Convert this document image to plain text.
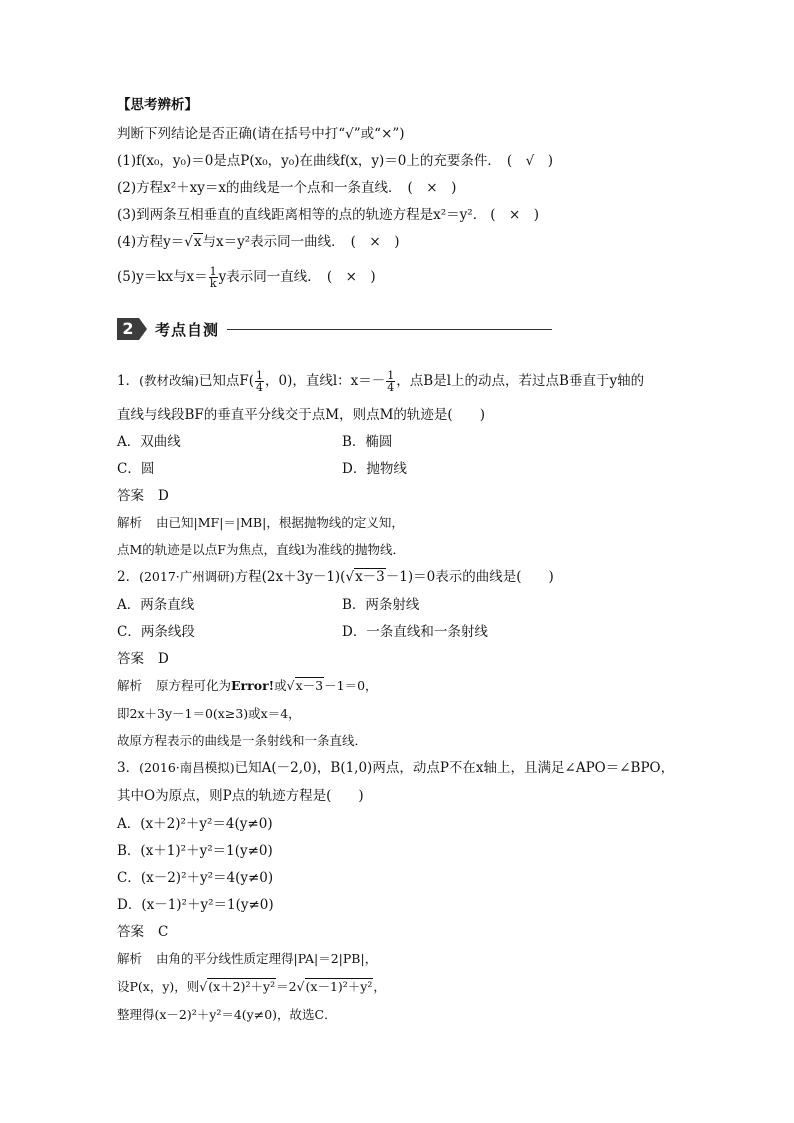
【思考辨析】
判断下列结论是否正确(请在括号中打“√”或“×”)
(1)f(x₀，y₀)＝0是点P(x₀，y₀)在曲线f(x，y)＝0上的充要条件． (　√　)
(2)方程x²＋xy＝x的曲线是一个点和一条直线． (　×　)
(3)到两条互相垂直的直线距离相等的点的轨迹方程是x²＝y²． (　×　)
(4)方程y＝√x与x＝y²表示同一曲线． (　×　)
(5)y＝kx与$x= \frac{1}{k}$ y表示同一直线． (　×　)
2	考点自测
1．(教材改编)已知点$F( \frac{1}{4}$ ，0)，直线l：$x=- \frac{1}{4}$ ，点B是l上的动点，若过点B垂直于y轴的
直线与线段BF的垂直平分线交于点M，则点M的轨迹是(　　)
A．双曲线	B．椭圆
C．圆	D．抛物线
答案 D
解析 由已知|MF|＝|MB|，根据抛物线的定义知，
点M的轨迹是以点F为焦点，直线l为准线的抛物线．
2．(2017·广州调研)方程(2x＋3y－1)(√x－3－1)＝0表示的曲线是(　　)
A．两条直线	B．两条射线
C．两条线段	D．一条直线和一条射线
答案 D
解析 原方程可化为Error!或√x－3－1＝0，
即2x＋3y－1＝0(x≥3)或x＝4，
故原方程表示的曲线是一条射线和一条直线．
3．(2016·南昌模拟)已知A(－2,0)，B(1,0)两点，动点P不在x轴上，且满足∠APO＝∠BPO，
其中O为原点，则P点的轨迹方程是(　　)
A．(x＋2)²＋y²＝4(y≠0)
B．(x＋1)²＋y²＝1(y≠0)
C．(x－2)²＋y²＝4(y≠0)
D．(x－1)²＋y²＝1(y≠0)
答案 C
解析 由角的平分线性质定理得|PA|＝2|PB|，
设P(x，y)，则√(x＋2)²＋y²＝2√(x－1)²＋y²，
整理得(x－2)²＋y²＝4(y≠0)，故选C．
